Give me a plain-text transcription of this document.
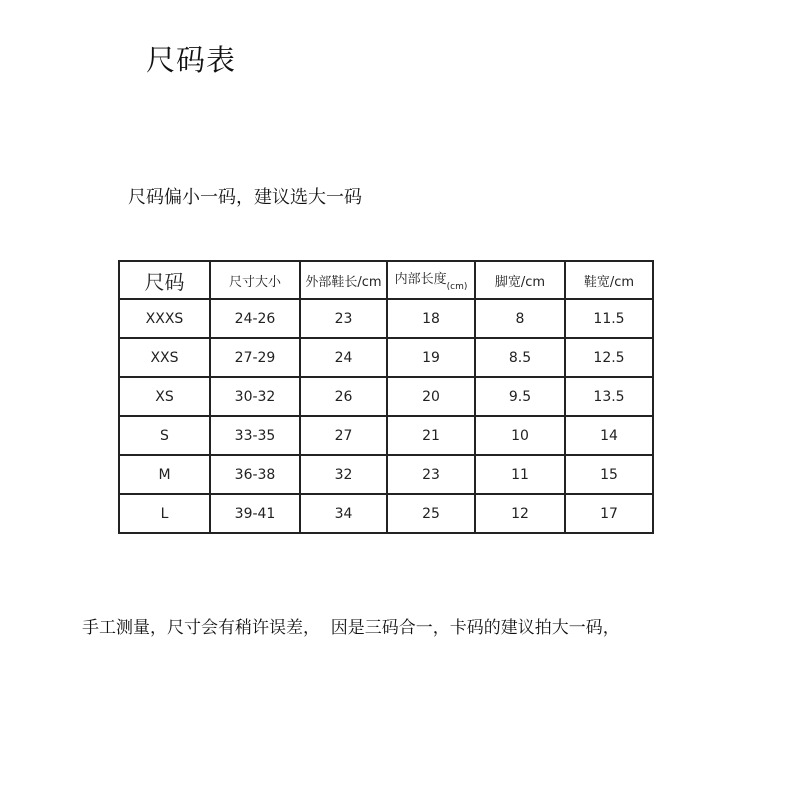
尺码表
尺码偏小一码，建议选大一码
尺码	尺寸大小	外部鞋长/cm	内部长度$_{(cm)}$	脚宽/cm	鞋宽/cm
XXXS	24-26	23	18	8	11.5
XXS	27-29	24	19	8.5	12.5
XS	30-32	26	20	9.5	13.5
S	33-35	27	21	10	14
M	36-38	32	23	11	15
L	39-41	34	25	12	17
手工测量，尺寸会有稍许误差，  因是三码合一，卡码的建议拍大一码，
